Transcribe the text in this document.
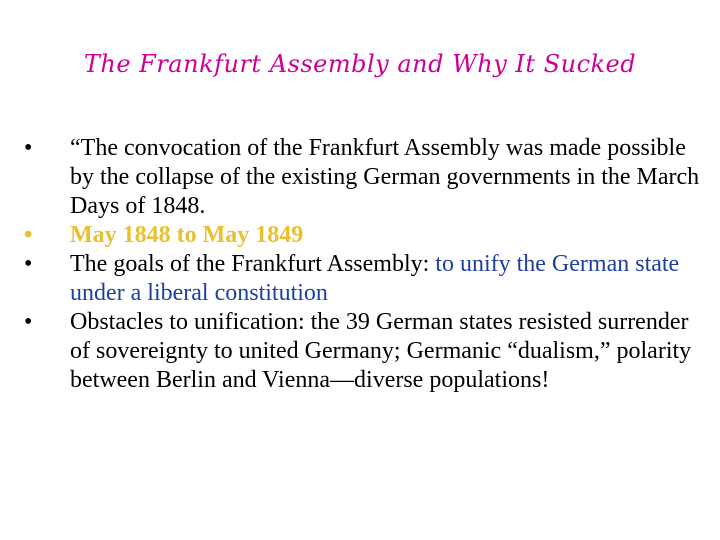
The Frankfurt Assembly and Why It Sucked
•	“The convocation of the Frankfurt Assembly was made possible by the collapse of the existing German governments in the March Days of 1848.
•	May 1848 to May 1849
•	The goals of the Frankfurt Assembly: to unify the German state under a liberal constitution
•	Obstacles to unification: the 39 German states resisted surrender of sovereignty to united Germany; Germanic “dualism,” polarity between Berlin and Vienna—diverse populations!
